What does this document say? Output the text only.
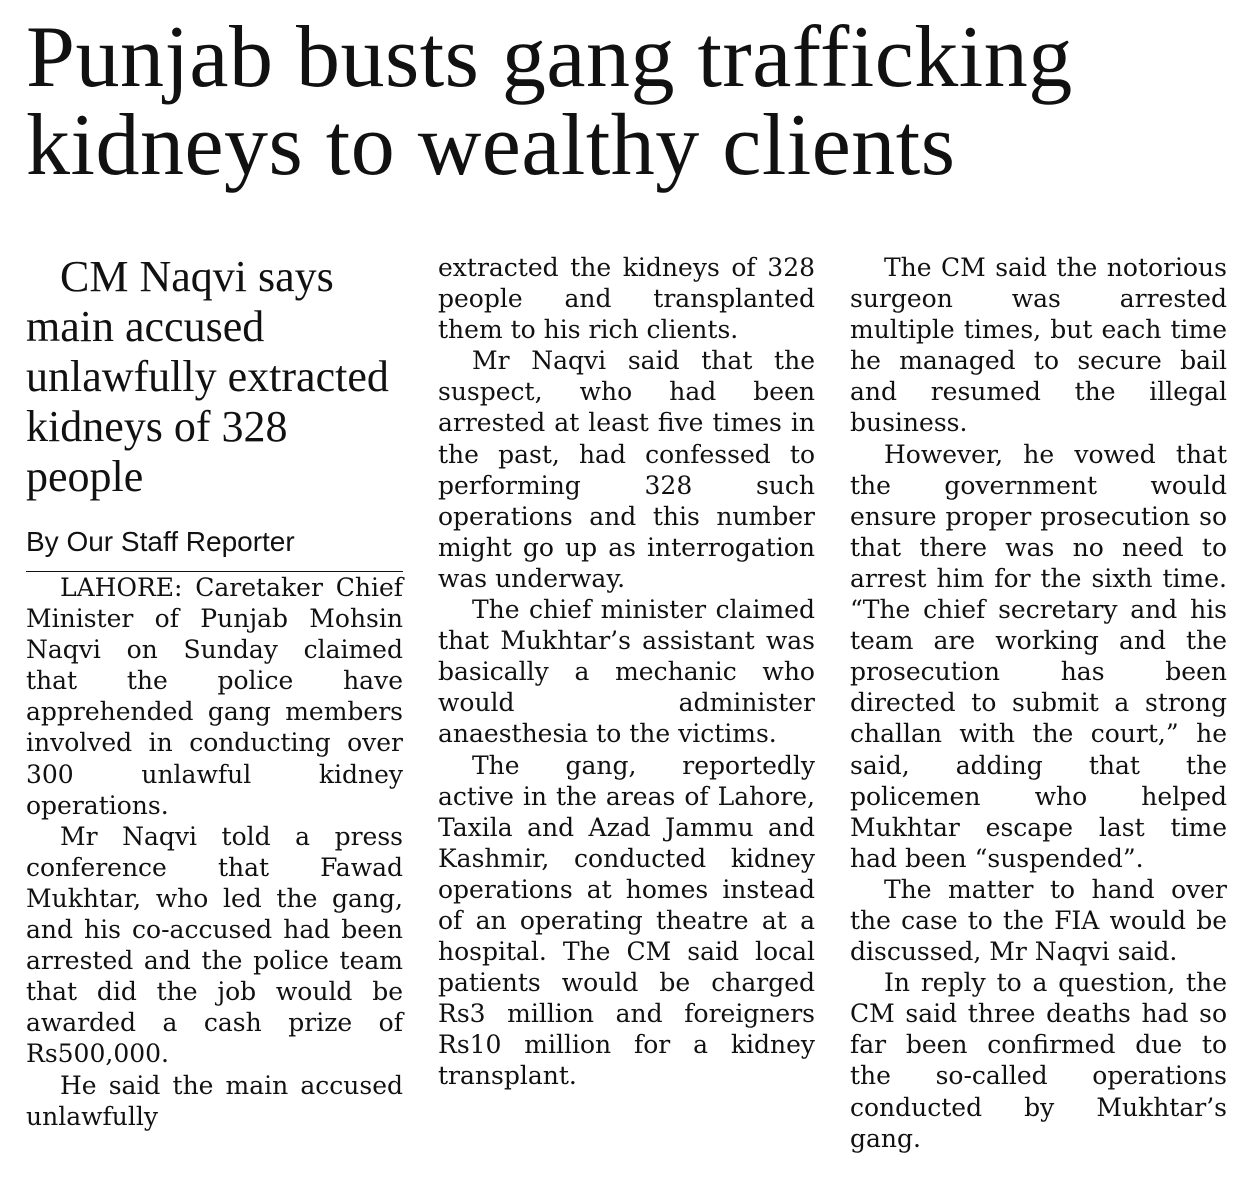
Punjab busts gang trafficking kidneys to wealthy clients

CM Naqvi says main accused unlawfully extracted kidneys of 328 people

By Our Staff Reporter

LAHORE: Caretaker Chief Minister of Punjab Mohsin Naqvi on Sunday claimed that the police have apprehended gang members involved in conducting over 300 unlawful kidney operations.

Mr Naqvi told a press conference that Fawad Mukhtar, who led the gang, and his co-accused had been arrested and the police team that did the job would be awarded a cash prize of Rs500,000.

He said the main accused unlawfully

extracted the kidneys of 328 people and transplanted them to his rich clients.

Mr Naqvi said that the suspect, who had been arrested at least five times in the past, had confessed to performing 328 such operations and this number might go up as interrogation was underway.

The chief minister claimed that Mukhtar’s assistant was basically a mechanic who would administer anaesthesia to the victims.

The gang, reportedly active in the areas of Lahore, Taxila and Azad Jammu and Kashmir, conducted kidney operations at homes instead of an operating theatre at a hospital. The CM said local patients would be charged Rs3 million and foreigners Rs10 million for a kidney transplant.

The CM said the notorious surgeon was arrested multiple times, but each time he managed to secure bail and resumed the illegal business.

However, he vowed that the government would ensure proper prosecution so that there was no need to arrest him for the sixth time. “The chief secretary and his team are working and the prosecution has been directed to submit a strong challan with the court,” he said, adding that the policemen who helped Mukhtar escape last time had been “suspended”.

The matter to hand over the case to the FIA would be discussed, Mr Naqvi said.

In reply to a question, the CM said three deaths had so far been confirmed due to the so-called operations conducted by Mukhtar’s gang.
